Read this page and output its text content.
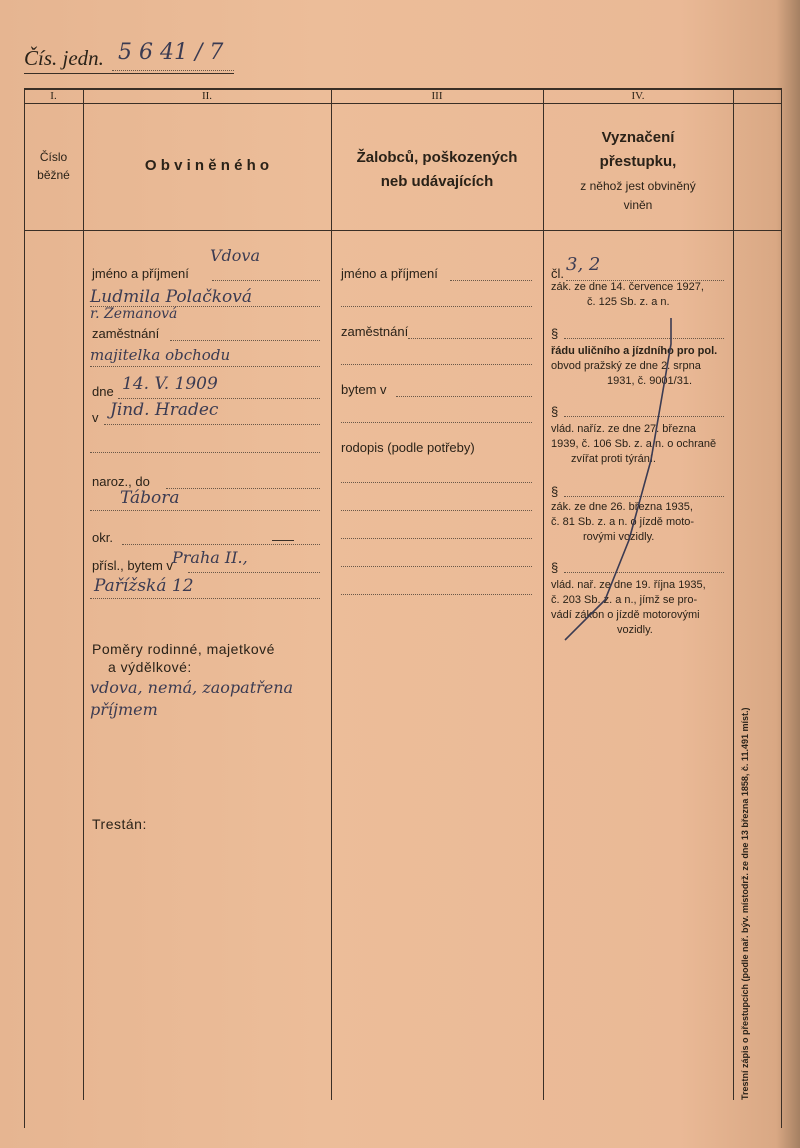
Čís. jedn. 5 6 41 / 7
I.	II.	III	IV.
Číslo
běžné
O b v i n ě n é h o	Žalobců, poškozených
neb udávajících
Vyznačení
přestupku,
z něhož jest obviněný
viněn
Vdova
jméno a příjmení
Ludmila Polačková
r. Zemanová
zaměstnání
majitelka obchodu
dne 14. V. 1909
v Jind. Hradec
naroz., do
Tábora
okr.
přísl., bytem v Praha II.,
Pařížská 12
Poměry rodinné, majetkové
a výdělkové:
vdova, nemá, zaopatřena
příjmem
Trestán:
jméno a příjmení
zaměstnání
bytem v
rodopis (podle potřeby)
čl. 3, 2
zák. ze dne 14. července 1927,
č. 125 Sb. z. a n.
§
řádu uličního a jízdního pro pol.
obvod pražský ze dne 2. srpna
1931, č. 9001/31.
§
vlád. naříz. ze dne 27. března
1939, č. 106 Sb. z. a n. o ochraně
zvířat proti týrání.
§
zák. ze dne 26. března 1935,
č. 81 Sb. z. a n. o jízdě moto-
rovými vozidly.
§
vlád. nař. ze dne 19. října 1935,
č. 203 Sb. z. a n., jímž se pro-
vádí zákon o jízdě motorovými
vozidly.
Trestní zápis o přestupcích (podle nař. býv. místodrž. ze dne 13 března 1858, č. 11.491 míst.)
